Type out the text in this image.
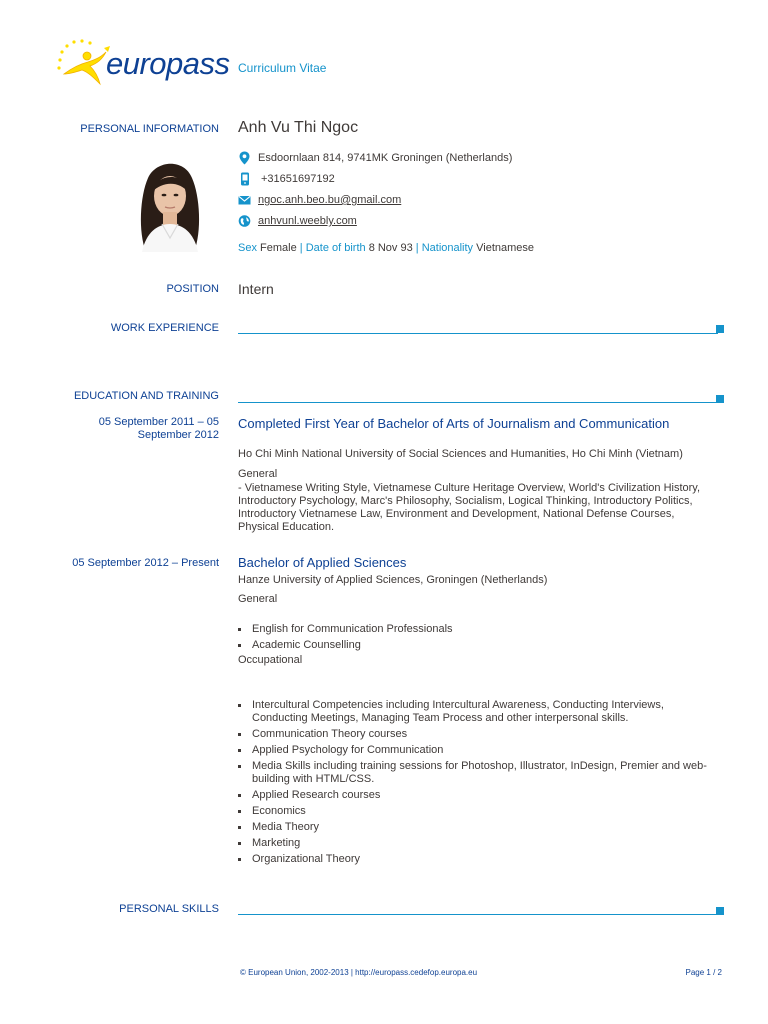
europass Curriculum Vitae
PERSONAL INFORMATION Anh Vu Thi Ngoc
Esdoornlaan 814, 9741MK Groningen (Netherlands)
+31651697192
ngoc.anh.beo.bu@gmail.com
anhvunl.weebly.com
Sex Female | Date of birth 8 Nov 93 | Nationality Vietnamese
POSITION Intern
WORK EXPERIENCE
EDUCATION AND TRAINING
05 September 2011 – 05 September 2012
Completed First Year of Bachelor of Arts of Journalism and Communication
Ho Chi Minh National University of Social Sciences and Humanities, Ho Chi Minh (Vietnam)
General
- Vietnamese Writing Style, Vietnamese Culture Heritage Overview, World's Civilization History, Introductory Psychology, Marc's Philosophy, Socialism, Logical Thinking, Introductory Politics, Introductory Vietnamese Law, Environment and Development, National Defense Courses, Physical Education.
05 September 2012 – Present Bachelor of Applied Sciences
Hanze University of Applied Sciences, Groningen (Netherlands)
General
English for Communication Professionals
Academic Counselling
Occupational
Intercultural Competencies including Intercultural Awareness, Conducting Interviews, Conducting Meetings, Managing Team Process and other interpersonal skills.
Communication Theory courses
Applied Psychology for Communication
Media Skills including training sessions for Photoshop, Illustrator, InDesign, Premier and web-building with HTML/CSS.
Applied Research courses
Economics
Media Theory
Marketing
Organizational Theory
PERSONAL SKILLS
© European Union, 2002-2013 | http://europass.cedefop.europa.eu	Page 1 / 2
